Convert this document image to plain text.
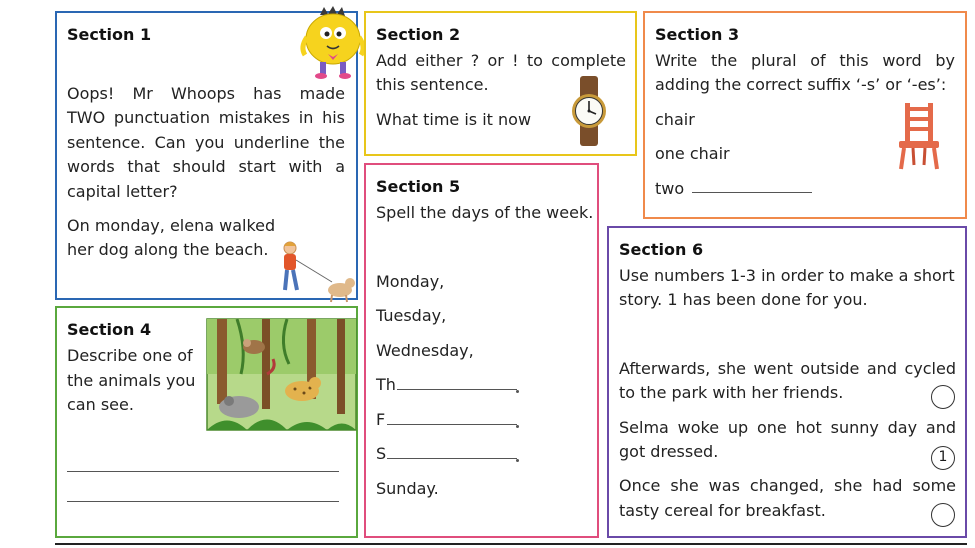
Section 1
Oops! Mr Whoops has made
TWO punctuation mistakes in his
sentence. Can you underline the
words that should start with a
capital letter?
On monday, elena walked
her dog along the beach.
Section 2
Add either ? or ! to complete
this sentence.
What time is it now
Section 3
Write the plural of this word by
adding the correct suffix ‘-s’ or ‘-es’:
chair
one chair
two
Section 4
Describe one of
the animals you
can see.
Section 5
Spell the days of the week.
Monday,
Tuesday,
Wednesday,
Th
F
S
Sunday.
Section 6
Use numbers 1-3 in order to make a short
story. 1 has been done for you.
Afterwards, she went outside and cycled
to the park with her friends.
Selma woke up one hot sunny day and
got dressed.	1
Once she was changed, she had some
tasty cereal for breakfast.
